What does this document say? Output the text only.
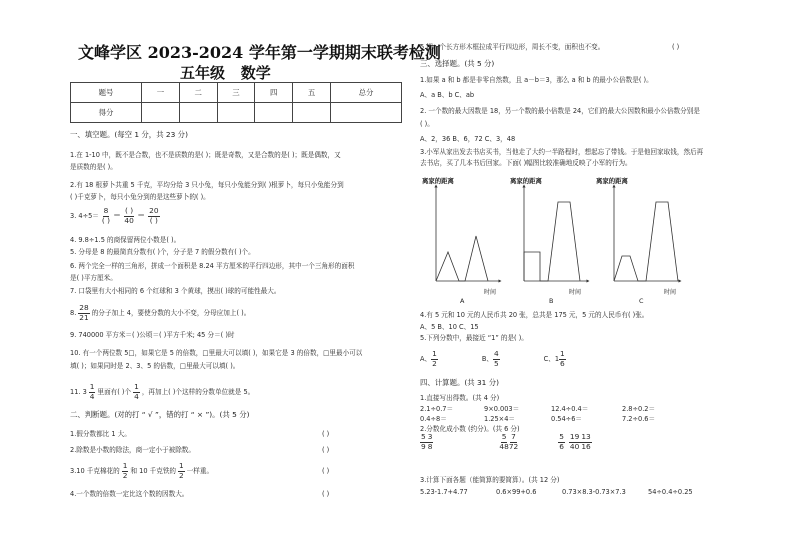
文峰学区 2023-2024 学年第一学期期末联考检测
五年级 数学
题号	一	二	三	四	五	总分
得分						
一、填空题。(每空 1 分，共 23 分)
1.在 1-10 中，既不是合数，也不是质数的是( )；既是奇数，又是合数的是( )；既是偶数，又
是质数的是( )。
2.有 18 根萝卜共重 5 千克，平均分给 3 只小兔，每只小兔能分到( )根萝卜，每只小兔能分到
( )千克萝卜，每只小兔分到的是这些萝卜的( )。
3. $4\div 5= \frac{8}{( )} = \frac{( )}{40} = \frac{20}{( )}$
4. 9.8÷1.5 的商保留两位小数是( )。
5. 分母是 8 的最简真分数有( )个，分子是 7 的假分数有( )个。
6. 两个完全一样的三角形，拼成一个面积是 8.24 平方厘米的平行四边形，其中一个三角形的面积
是( )平方厘米。
7. 口袋里有大小相同的 6 个红球和 3 个黄球，摸出( )球的可能性最大。
8. $\frac{28}{21}$ 的分子加上 4，要使分数的大小不变，分母应加上( )。
9. 740000 平方米＝( )公顷＝( )平方千米; 45 分＝( )时
10. 有一个两位数 5□，如果它是 5 的倍数，□里最大可以填( )，如果它是 3 的倍数，□里最小可以
填( )；如果同时是 2、3、5 的倍数，□里最大可以填( )。
11. $3 \frac{1}{4}$ 里面有( )个 $\frac{1}{4}$ ，再加上( )个这样的分数单位就是 5。
二、判断题。(对的打 “ √ ”，错的打 “ × ”)。(共 5 分)
1.假分数都比 1 大。	( )
2.除数是小数的除法，商一定小于被除数。	( )
3.10 千克棉花的 $\frac{1}{2}$ 和 10 千克铁的 $\frac{1}{2}$ 一样重。	( )
4.一个数的倍数一定比这个数的因数大。	( )
5.把一个长方形木框拉成平行四边形，周长不变，面积也不变。	( )
三、选择题。(共 5 分)
1.如果 a 和 b 都是非零自然数，且 a－b＝3，那么 a 和 b 的最小公倍数是( )。
A、a B、b C、ab
2. 一个数的最大因数是 18，另一个数的最小倍数是 24，它们的最大公因数和最小公倍数分别是
( )。
A、2，36 B、6，72 C、3，48
3.小军从家出发去书店买书，当他走了大约一半路程时，想起忘了带钱。于是他回家取钱，然后再
去书店，买了几本书后回家。下面( )幅图比较准确地反映了小军的行为。
离家的距离
时间
A
离家的距离
时间
B
离家的距离
时间
C
4.有 5 元和 10 元的人民币共 20 张，总共是 175 元，5 元的人民币有( )张。
A、5 B、10 C、15
5.下列分数中，最接近 “1” 的是( )。
A、 $\frac{1}{2}$	B、 $\frac{4}{5}$	C、 $1 \frac{1}{6}$
四、计算题。(共 31 分)
1.直接写出得数。(共 4 分)
2.1÷0.7＝	9×0.003＝	12.4÷0.4＝	2.8÷0.2＝
0.4÷8＝	1.25×4＝	0.54÷6＝	7.2÷0.6＝
2.分数化成小数 (约分)。(共 6 分)
$\frac{5}{9} \frac{3}{8}$	$\frac{5}{48} \frac{7}{72}$	$\frac{5}{6} \frac{19}{40} \frac{13}{16}$
3.计算下面各题（能简算的要简算）。(共 12 分)
5.23-1.7+4.77	0.6×99+0.6	0.73×8.3-0.73×7.3	54÷0.4÷0.25
